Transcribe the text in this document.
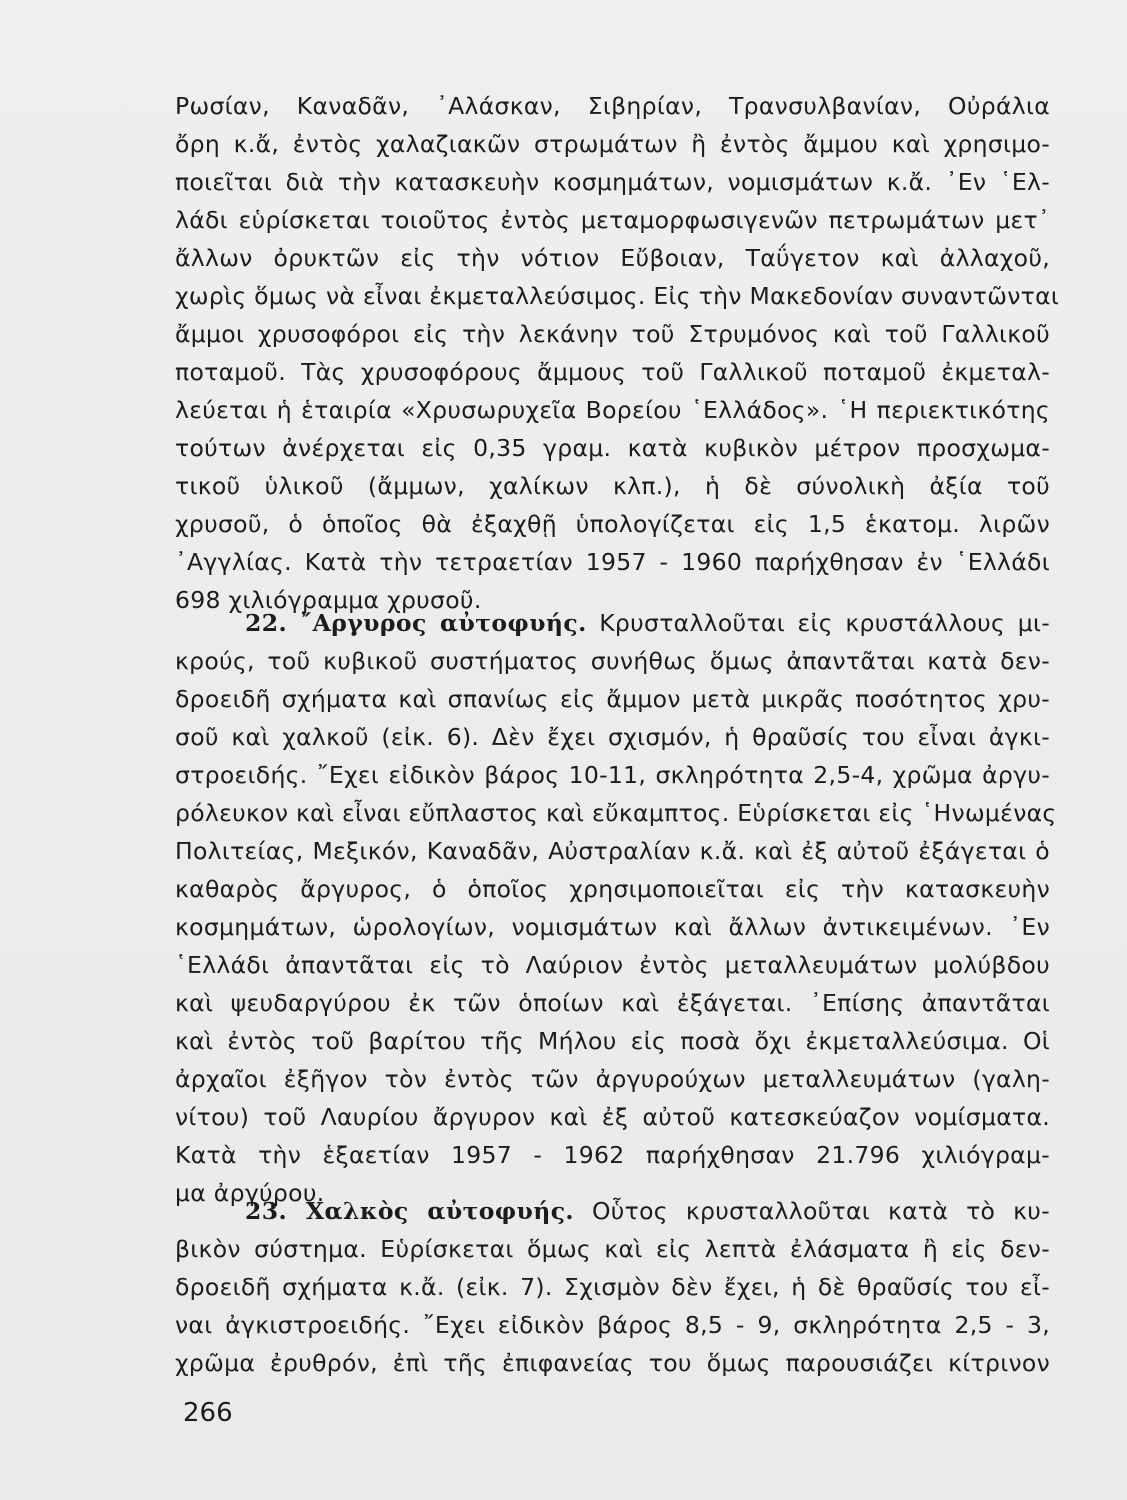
Ρωσίαν, Καναδᾶν, ᾿Αλάσκαν, Σιβηρίαν, Τρανσυλβανίαν, Οὐράλια
ὄρη κ.ἄ, ἐντὸς χαλαζιακῶν στρωμάτων ἢ ἐντὸς ἄμμου καὶ χρησιμο-
ποιεῖται διὰ τὴν κατασκευὴν κοσμημάτων, νομισμάτων κ.ἄ. ᾿Εν ῾Ελ-
λάδι εὑρίσκεται τοιοῦτος ἐντὸς μεταμορφωσιγενῶν πετρωμάτων μετ᾿
ἄλλων ὀρυκτῶν εἰς τὴν νότιον Εὔβοιαν, Ταΰγετον καὶ ἀλλαχοῦ,
χωρὶς ὅμως νὰ εἶναι ἐκμεταλλεύσιμος. Εἰς τὴν Μακεδονίαν συναντῶνται
ἄμμοι χρυσοφόροι εἰς τὴν λεκάνην τοῦ Στρυμόνος καὶ τοῦ Γαλλικοῦ
ποταμοῦ. Τὰς χρυσοφόρους ἄμμους τοῦ Γαλλικοῦ ποταμοῦ ἐκμεταλ-
λεύεται ἡ ἑταιρία «Χρυσωρυχεῖα Βορείου ῾Ελλάδος». ῾Η περιεκτικότης
τούτων ἀνέρχεται εἰς 0,35 γραμ. κατὰ κυβικὸν μέτρον προσχωμα-
τικοῦ ὑλικοῦ (ἄμμων, χαλίκων κλπ.), ἡ δὲ σύνολικὴ ἀξία τοῦ
χρυσοῦ, ὁ ὁποῖος θὰ ἐξαχθῇ ὑπολογίζεται εἰς 1,5 ἑκατομ. λιρῶν
᾿Αγγλίας. Κατὰ τὴν τετραετίαν 1957 - 1960 παρήχθησαν ἐν ῾Ελλάδι
698 χιλιόγραμμα χρυσοῦ.
22. ῎Αργυρος αὐτοφυής. Κρυσταλλοῦται εἰς κρυστάλλους μι-
κρούς, τοῦ κυβικοῦ συστήματος συνήθως ὅμως ἀπαντᾶται κατὰ δεν-
δροειδῆ σχήματα καὶ σπανίως εἰς ἄμμον μετὰ μικρᾶς ποσότητος χρυ-
σοῦ καὶ χαλκοῦ (εἰκ. 6). Δὲν ἔχει σχισμόν, ἡ θραῦσίς του εἶναι ἀγκι-
στροειδής. ῎Εχει εἰδικὸν βάρος 10-11, σκληρότητα 2,5-4, χρῶμα ἀργυ-
ρόλευκον καὶ εἶναι εὔπλαστος καὶ εὔκαμπτος. Εὑρίσκεται εἰς ῾Ηνωμένας
Πολιτείας, Μεξικόν, Καναδᾶν, Αὐστραλίαν κ.ἄ. καὶ ἐξ αὐτοῦ ἐξάγεται ὁ
καθαρὸς ἄργυρος, ὁ ὁποῖος χρησιμοποιεῖται εἰς τὴν κατασκευὴν
κοσμημάτων, ὡρολογίων, νομισμάτων καὶ ἄλλων ἀντικειμένων. ᾿Εν
῾Ελλάδι ἀπαντᾶται εἰς τὸ Λαύριον ἐντὸς μεταλλευμάτων μολύβδου
καὶ ψευδαργύρου ἐκ τῶν ὁποίων καὶ ἐξάγεται. ᾿Επίσης ἀπαντᾶται
καὶ ἐντὸς τοῦ βαρίτου τῆς Μήλου εἰς ποσὰ ὄχι ἐκμεταλλεύσιμα. Οἱ
ἀρχαῖοι ἐξῆγον τὸν ἐντὸς τῶν ἀργυρούχων μεταλλευμάτων (γαλη-
νίτου) τοῦ Λαυρίου ἄργυρον καὶ ἐξ αὐτοῦ κατεσκεύαζον νομίσματα.
Κατὰ τὴν ἑξαετίαν 1957 - 1962 παρήχθησαν 21.796 χιλιόγραμ-
μα ἀργύρου.
23. Χαλκὸς αὐτοφυής. Οὗτος κρυσταλλοῦται κατὰ τὸ κυ-
βικὸν σύστημα. Εὑρίσκεται ὅμως καὶ εἰς λεπτὰ ἐλάσματα ἢ εἰς δεν-
δροειδῆ σχήματα κ.ἄ. (εἰκ. 7). Σχισμὸν δὲν ἔχει, ἡ δὲ θραῦσίς του εἶ-
ναι ἀγκιστροειδής. ῎Εχει εἰδικὸν βάρος 8,5 - 9, σκληρότητα 2,5 - 3,
χρῶμα ἐρυθρόν, ἐπὶ τῆς ἐπιφανείας του ὅμως παρουσιάζει κίτρινον
266
